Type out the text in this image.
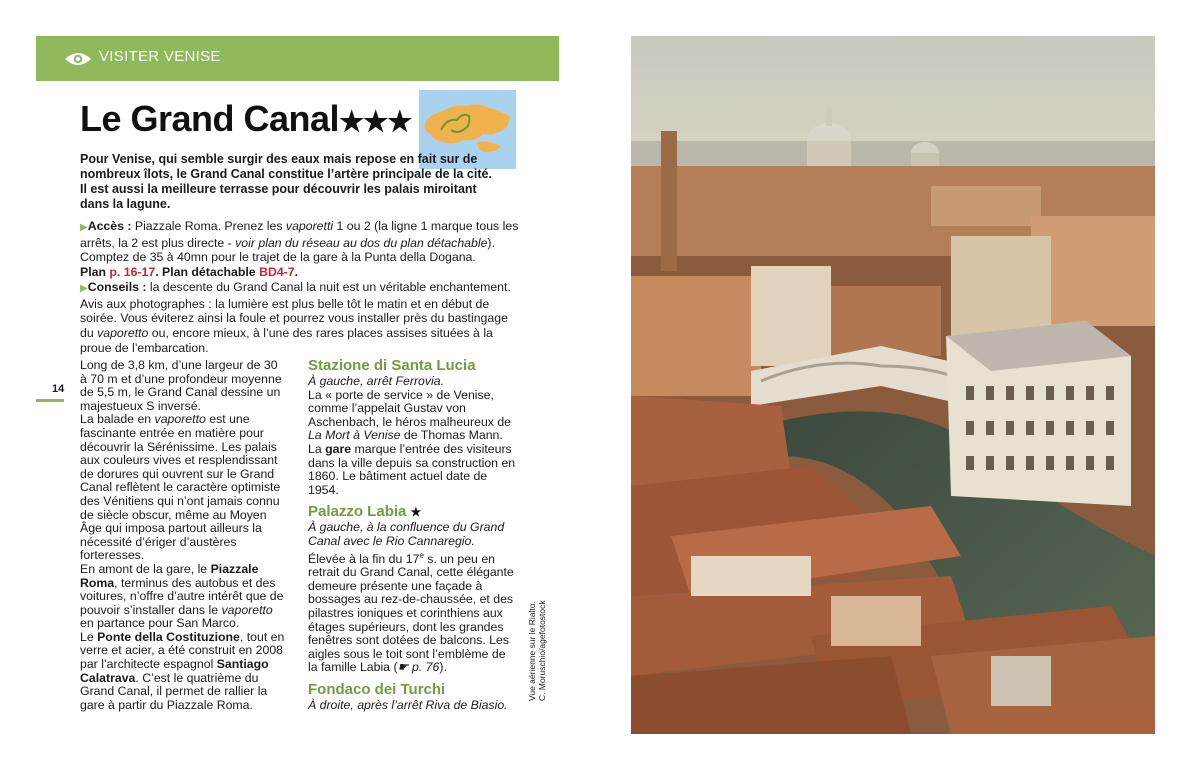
VISITER VENISE
Le Grand Canal★★★
Pour Venise, qui semble surgir des eaux mais repose en fait sur de nombreux îlots, le Grand Canal constitue l’artère principale de la cité. Il est aussi la meilleure terrasse pour découvrir les palais miroitant dans la lagune.

▶Accès : Piazzale Roma. Prenez les vaporetti 1 ou 2 (la ligne 1 marque tous les arrêts, la 2 est plus directe - voir plan du réseau au dos du plan détachable). Comptez de 35 à 40mn pour le trajet de la gare à la Punta della Dogana.

Plan p. 16-17. Plan détachable BD4-7.

▶Conseils : la descente du Grand Canal la nuit est un véritable enchantement. Avis aux photographes : la lumière est plus belle tôt le matin et en début de soirée. Vous éviterez ainsi la foule et pourrez vous installer près du bastingage du vaporetto ou, encore mieux, à l’une des rares places assises situées à la proue de l’embarcation.

14

Long de 3,8 km, d’une largeur de 30 à 70 m et d’une profondeur moyenne de 5,5 m, le Grand Canal dessine un majestueux S inversé.

La balade en vaporetto est une fascinante entrée en matière pour découvrir la Sérénissime. Les palais aux couleurs vives et resplendissant de dorures qui ouvrent sur le Grand Canal reflètent le caractère optimiste des Vénitiens qui n’ont jamais connu de siècle obscur, même au Moyen Âge qui imposa partout ailleurs la nécessité d’ériger d’austères forteresses.

En amont de la gare, le Piazzale Roma, terminus des autobus et des voitures, n’offre d’autre intérêt que de pouvoir s’installer dans le vaporetto en partance pour San Marco.

Le Ponte della Costituzione, tout en verre et acier, a été construit en 2008 par l’architecte espagnol Santiago Calatrava. C’est le quatrième du Grand Canal, il permet de rallier la gare à partir du Piazzale Roma.

Stazione di Santa Lucia

À gauche, arrêt Ferrovia.

La « porte de service » de Venise, comme l’appelait Gustav von Aschenbach, le héros malheureux de La Mort à Venise de Thomas Mann.

La gare marque l’entrée des visiteurs dans la ville depuis sa construction en 1860. Le bâtiment actuel date de 1954.

Palazzo Labia ★

À gauche, à la confluence du Grand Canal avec le Rio Cannaregio.

Élevée à la fin du 17e s. un peu en retrait du Grand Canal, cette élégante demeure présente une façade à bossages au rez-de-chaussée, et des pilastres ioniques et corinthiens aux étages supérieurs, dont les grandes fenêtres sont dotées de balcons. Les aigles sous le toit sont l’emblème de la famille Labia (☛ p. 76).

Fondaco dei Turchi

À droite, après l’arrêt Riva de Biasio.

Vue aérienne sur le Rialto. C. Moruschio/agefotostock
